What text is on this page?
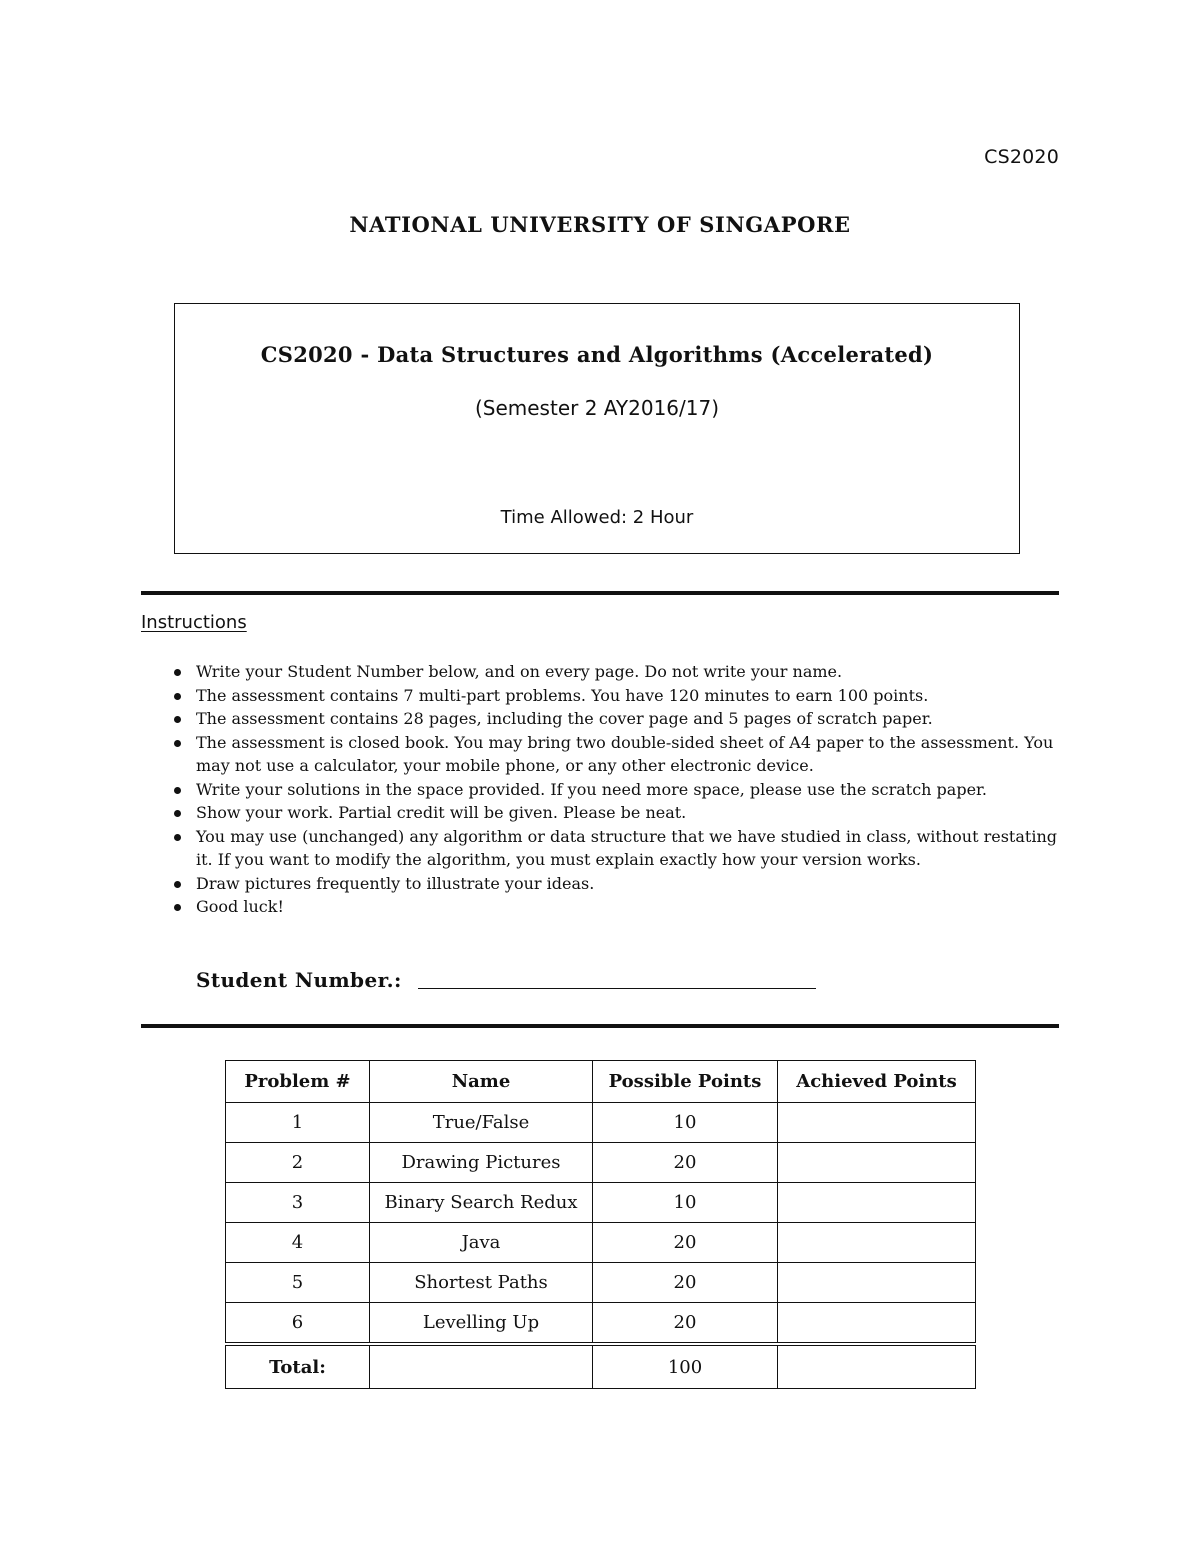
CS2020
NATIONAL UNIVERSITY OF SINGAPORE
CS2020 - Data Structures and Algorithms (Accelerated)
(Semester 2 AY2016/17)
Time Allowed: 2 Hour
Instructions
Write your Student Number below, and on every page. Do not write your name.
The assessment contains 7 multi-part problems. You have 120 minutes to earn 100 points.
The assessment contains 28 pages, including the cover page and 5 pages of scratch paper.
The assessment is closed book. You may bring two double-sided sheet of A4 paper to the assessment. You may not use a calculator, your mobile phone, or any other electronic device.
Write your solutions in the space provided. If you need more space, please use the scratch paper.
Show your work. Partial credit will be given. Please be neat.
You may use (unchanged) any algorithm or data structure that we have studied in class, without restating it. If you want to modify the algorithm, you must explain exactly how your version works.
Draw pictures frequently to illustrate your ideas.
Good luck!
Student Number.:
Problem #	Name	Possible Points	Achieved Points
1	True/False	10	
2	Drawing Pictures	20	
3	Binary Search Redux	10	
4	Java	20	
5	Shortest Paths	20	
6	Levelling Up	20	
Total:		100	
